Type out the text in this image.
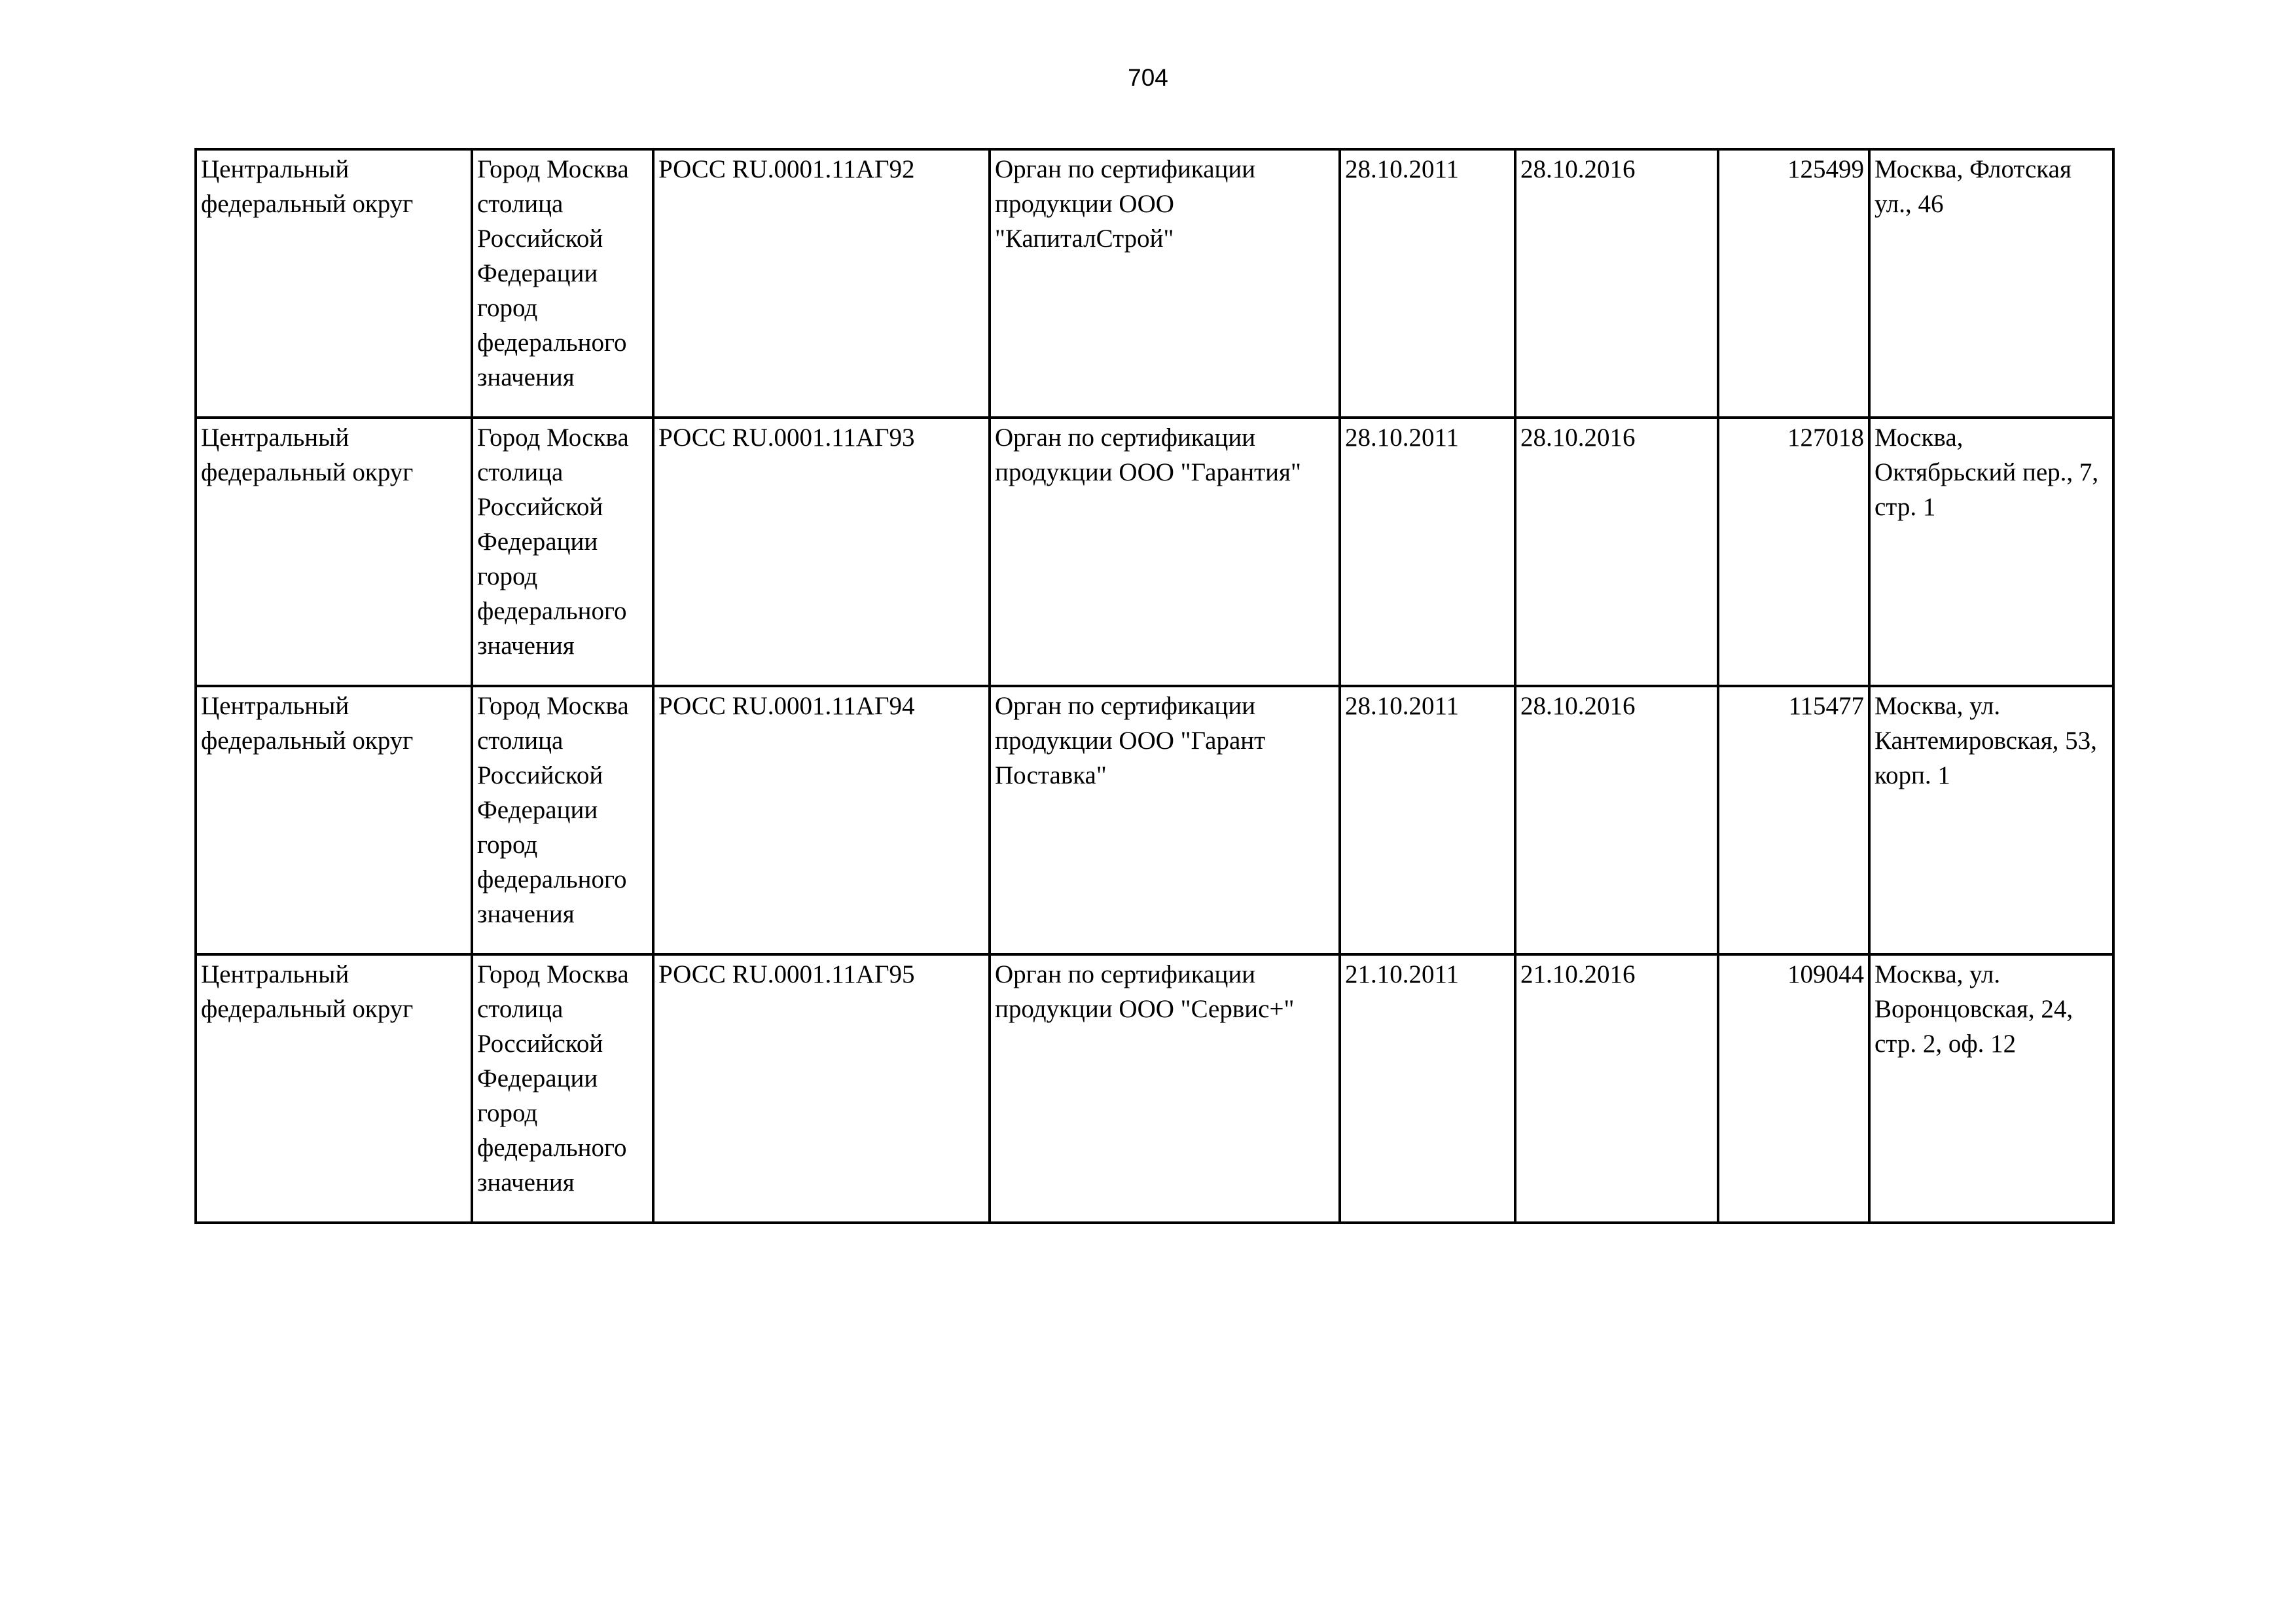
704
Центральный федеральный округ	Город Москва столица Российской Федерации город федерального значения	РОСС RU.0001.11АГ92	Орган по сертификации продукции ООО "КапиталСтрой"	28.10.2011	28.10.2016	125499	Москва, Флотская ул., 46

Центральный федеральный округ	Город Москва столица Российской Федерации город федерального значения	РОСС RU.0001.11АГ93	Орган по сертификации продукции ООО "Гарантия"	28.10.2011	28.10.2016	127018	Москва, Октябрьский пер., 7, стр. 1

Центральный федеральный округ	Город Москва столица Российской Федерации город федерального значения	РОСС RU.0001.11АГ94	Орган по сертификации продукции ООО "Гарант Поставка"	28.10.2011	28.10.2016	115477	Москва, ул. Кантемировская, 53, корп. 1

Центральный федеральный округ	Город Москва столица Российской Федерации город федерального значения	РОСС RU.0001.11АГ95	Орган по сертификации продукции ООО "Сервис+"	21.10.2011	21.10.2016	109044	Москва, ул. Воронцовская, 24, стр. 2, оф. 12
